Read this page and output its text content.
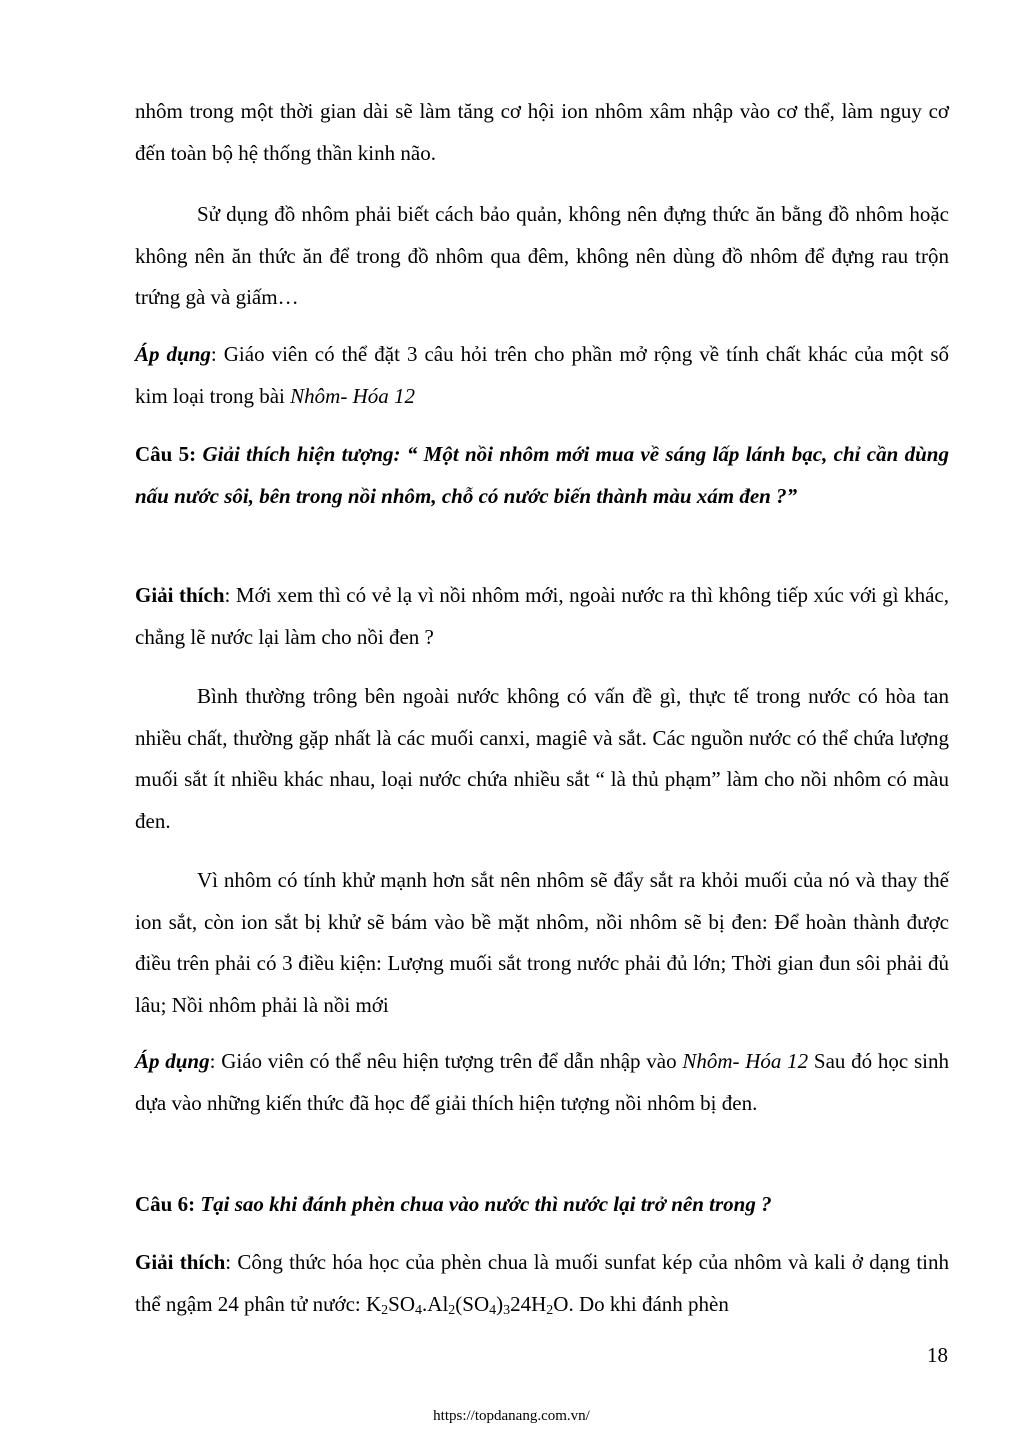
nhôm trong một thời gian dài sẽ làm tăng cơ hội ion nhôm xâm nhập vào cơ thể, làm nguy cơ đến toàn bộ hệ thống thần kinh não.
Sử dụng đồ nhôm phải biết cách bảo quản, không nên đựng thức ăn bằng đồ nhôm hoặc không nên ăn thức ăn để trong đồ nhôm qua đêm, không nên dùng đồ nhôm để đựng rau trộn trứng gà và giấm…
Áp dụng: Giáo viên có thể đặt 3 câu hỏi trên cho phần mở rộng về tính chất khác của một số kim loại trong bài Nhôm- Hóa 12
Câu 5: Giải thích hiện tượng: “ Một nồi nhôm mới mua về sáng lấp lánh bạc, chỉ cần dùng nấu nước sôi, bên trong nồi nhôm, chỗ có nước biến thành màu xám đen ?”
Giải thích: Mới xem thì có vẻ lạ vì nồi nhôm mới, ngoài nước ra thì không tiếp xúc với gì khác, chẳng lẽ nước lại làm cho nồi đen ?
Bình thường trông bên ngoài nước không có vấn đề gì, thực tế trong nước có hòa tan nhiều chất, thường gặp nhất là các muối canxi, magiê và sắt. Các nguồn nước có thể chứa lượng muối sắt ít nhiều khác nhau, loại nước chứa nhiều sắt “ là thủ phạm” làm cho nồi nhôm có màu đen.
Vì nhôm có tính khử mạnh hơn sắt nên nhôm sẽ đẩy sắt ra khỏi muối của nó và thay thế ion sắt, còn ion sắt bị khử sẽ bám vào bề mặt nhôm, nồi nhôm sẽ bị đen: Để hoàn thành được điều trên phải có 3 điều kiện: Lượng muối sắt trong nước phải đủ lớn; Thời gian đun sôi phải đủ lâu; Nồi nhôm phải là nồi mới
Áp dụng: Giáo viên có thể nêu hiện tượng trên để dẫn nhập vào Nhôm- Hóa 12 Sau đó học sinh dựa vào những kiến thức đã học để giải thích hiện tượng nồi nhôm bị đen.
Câu 6: Tại sao khi đánh phèn chua vào nước thì nước lại trở nên trong ?
Giải thích: Công thức hóa học của phèn chua là muối sunfat kép của nhôm và kali ở dạng tinh thể ngậm 24 phân tử nước: $K_2SO_4.Al_2(SO_4)_324H_2O$. Do khi đánh phèn
18
https://topdanang.com.vn/
